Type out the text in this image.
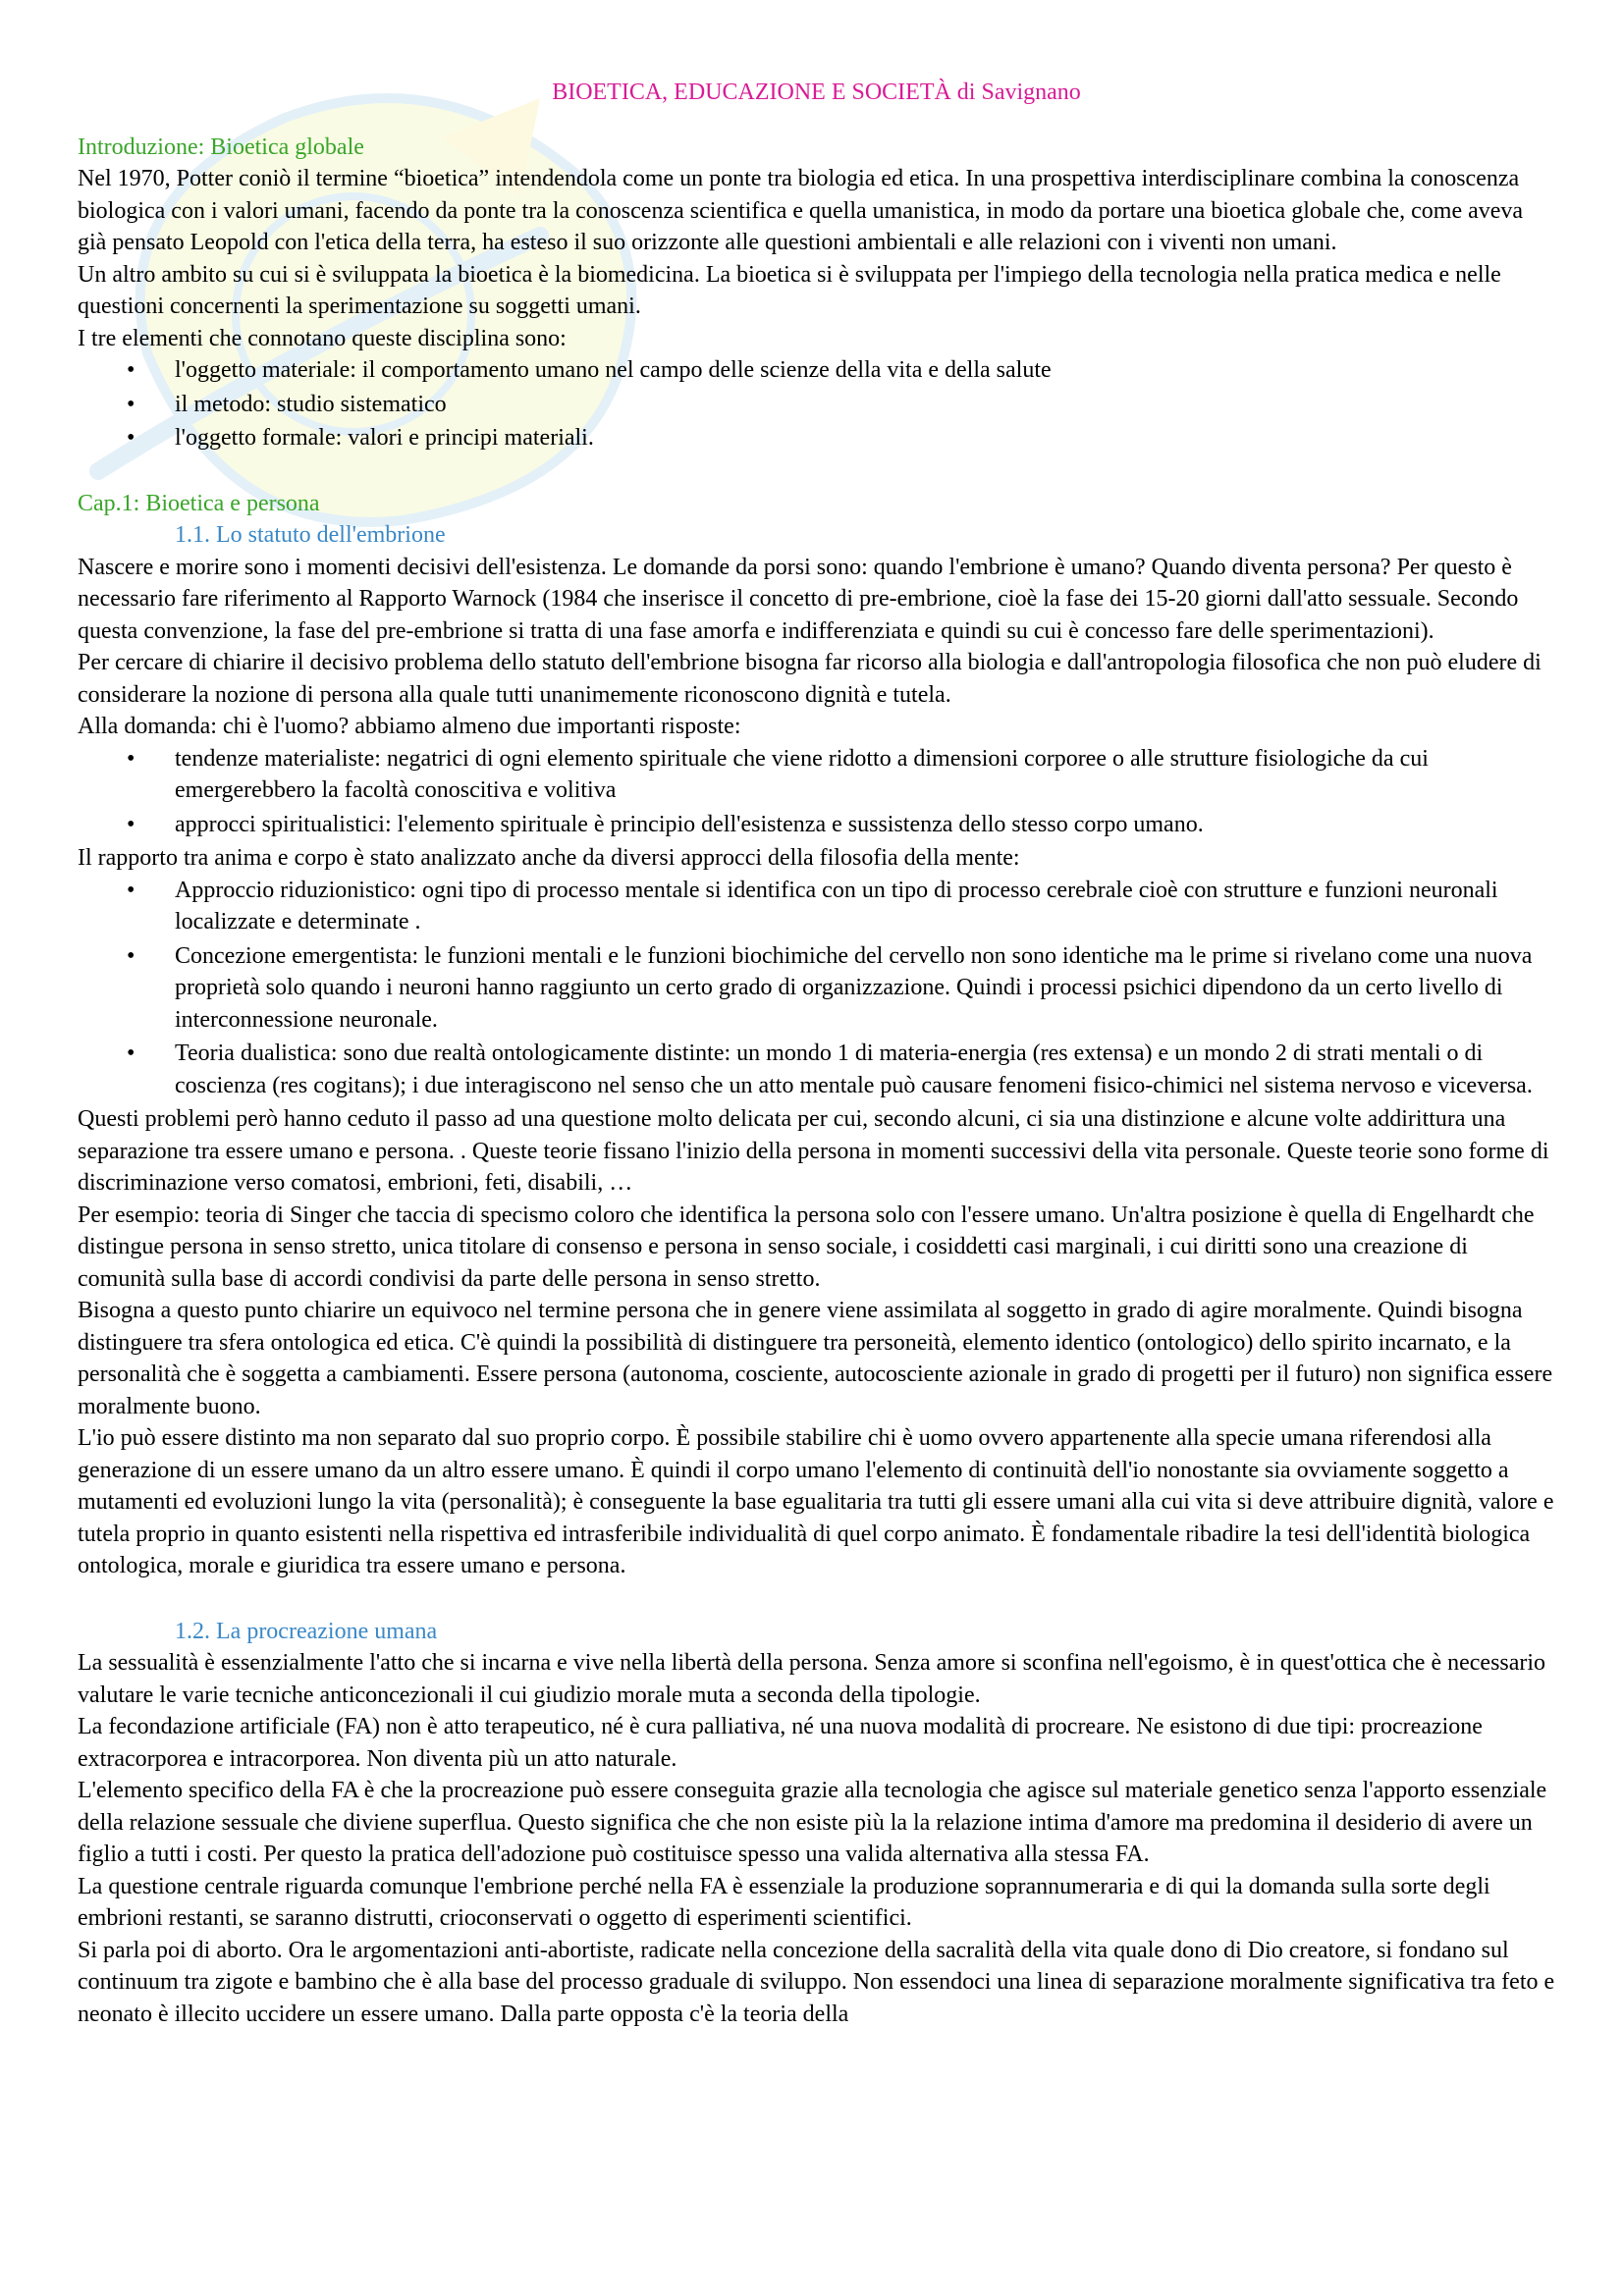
BIOETICA, EDUCAZIONE E SOCIETÀ di Savignano
Introduzione: Bioetica globale

Nel 1970, Potter coniò il termine “bioetica” intendendola come un ponte tra biologia ed etica. In una prospettiva interdisciplinare combina la conoscenza biologica con i valori umani, facendo da ponte tra la conoscenza scientifica e quella umanistica, in modo da portare una bioetica globale che, come aveva già pensato Leopold con l'etica della terra, ha esteso il suo orizzonte alle questioni ambientali e alle relazioni con i viventi non umani.

Un altro ambito su cui si è sviluppata la bioetica è la biomedicina. La bioetica si è sviluppata per l'impiego della tecnologia nella pratica medica e nelle questioni concernenti la sperimentazione su soggetti umani.

I tre elementi che connotano queste disciplina sono:

• l'oggetto materiale: il comportamento umano nel campo delle scienze della vita e della salute
• il metodo: studio sistematico
• l'oggetto formale: valori e principi materiali.
Cap.1: Bioetica e persona
1.1. Lo statuto dell'embrione

Nascere e morire sono i momenti decisivi dell'esistenza. Le domande da porsi sono: quando l'embrione è umano? Quando diventa persona? Per questo è necessario fare riferimento al Rapporto Warnock (1984 che inserisce il concetto di pre-embrione, cioè la fase dei 15-20 giorni dall'atto sessuale. Secondo questa convenzione, la fase del pre-embrione si tratta di una fase amorfa e indifferenziata e quindi su cui è concesso fare delle sperimentazioni).

Per cercare di chiarire il decisivo problema dello statuto dell'embrione bisogna far ricorso alla biologia e dall'antropologia filosofica che non può eludere di considerare la nozione di persona alla quale tutti unanimemente riconoscono dignità e tutela.

Alla domanda: chi è l'uomo? abbiamo almeno due importanti risposte:

• tendenze materialiste: negatrici di ogni elemento spirituale che viene ridotto a dimensioni corporee o alle strutture fisiologiche da cui emergerebbero la facoltà conoscitiva e volitiva
• approcci spiritualistici: l'elemento spirituale è principio dell'esistenza e sussistenza dello stesso corpo umano.

Il rapporto tra anima e corpo è stato analizzato anche da diversi approcci della filosofia della mente:

• Approccio riduzionistico: ogni tipo di processo mentale si identifica con un tipo di processo cerebrale cioè con strutture e funzioni neuronali localizzate e determinate .
• Concezione emergentista: le funzioni mentali e le funzioni biochimiche del cervello non sono identiche ma le prime si rivelano come una nuova proprietà solo quando i neuroni hanno raggiunto un certo grado di organizzazione. Quindi i processi psichici dipendono da un certo livello di interconnessione neuronale.
• Teoria dualistica: sono due realtà ontologicamente distinte: un mondo 1 di materia-energia (res extensa) e un mondo 2 di strati mentali o di coscienza (res cogitans); i due interagiscono nel senso che un atto mentale può causare fenomeni fisico-chimici nel sistema nervoso e viceversa.

Questi problemi però hanno ceduto il passo ad una questione molto delicata per cui, secondo alcuni, ci sia una distinzione e alcune volte addirittura una separazione tra essere umano e persona. . Queste teorie fissano l'inizio della persona in momenti successivi della vita personale. Queste teorie sono forme di discriminazione verso comatosi, embrioni, feti, disabili, …

Per esempio: teoria di Singer che taccia di specismo coloro che identifica la persona solo con l'essere umano. Un'altra posizione è quella di Engelhardt che distingue persona in senso stretto, unica titolare di consenso e persona in senso sociale, i cosiddetti casi marginali, i cui diritti sono una creazione di comunità sulla base di accordi condivisi da parte delle persona in senso stretto.

Bisogna a questo punto chiarire un equivoco nel termine persona che in genere viene assimilata al soggetto in grado di agire moralmente. Quindi bisogna distinguere tra sfera ontologica ed etica. C'è quindi la possibilità di distinguere tra personeità, elemento identico (ontologico) dello spirito incarnato, e la personalità che è soggetta a cambiamenti. Essere persona (autonoma, cosciente, autocosciente azionale in grado di progetti per il futuro) non significa essere moralmente buono.

L'io può essere distinto ma non separato dal suo proprio corpo. È possibile stabilire chi è uomo ovvero appartenente alla specie umana riferendosi alla generazione di un essere umano da un altro essere umano. È quindi il corpo umano l'elemento di continuità dell'io nonostante sia ovviamente soggetto a mutamenti ed evoluzioni lungo la vita (personalità); è conseguente la base egualitaria tra tutti gli essere umani alla cui vita si deve attribuire dignità, valore e tutela proprio in quanto esistenti nella rispettiva ed intrasferibile individualità di quel corpo animato. È fondamentale ribadire la tesi dell'identità biologica ontologica, morale e giuridica tra essere umano e persona.

1.2. La procreazione umana

La sessualità è essenzialmente l'atto che si incarna e vive nella libertà della persona. Senza amore si sconfina nell'egoismo, è in quest'ottica che è necessario valutare le varie tecniche anticoncezionali il cui giudizio morale muta a seconda della tipologie.

La fecondazione artificiale (FA) non è atto terapeutico, né è cura palliativa, né una nuova modalità di procreare. Ne esistono di due tipi: procreazione extracorporea e intracorporea. Non diventa più un atto naturale.

L'elemento specifico della FA è che la procreazione può essere conseguita grazie alla tecnologia che agisce sul materiale genetico senza l'apporto essenziale della relazione sessuale che diviene superflua. Questo significa che che non esiste più la la relazione intima d'amore ma predomina il desiderio di avere un figlio a tutti i costi. Per questo la pratica dell'adozione può costituisce spesso una valida alternativa alla stessa FA.

La questione centrale riguarda comunque l'embrione perché nella FA è essenziale la produzione soprannumeraria e di qui la domanda sulla sorte degli embrioni restanti, se saranno distrutti, crioconservati o oggetto di esperimenti scientifici.

Si parla poi di aborto. Ora le argomentazioni anti-abortiste, radicate nella concezione della sacralità della vita quale dono di Dio creatore, si fondano sul continuum tra zigote e bambino che è alla base del processo graduale di sviluppo. Non essendoci una linea di separazione moralmente significativa tra feto e neonato è illecito uccidere un essere umano. Dalla parte opposta c'è la teoria della
